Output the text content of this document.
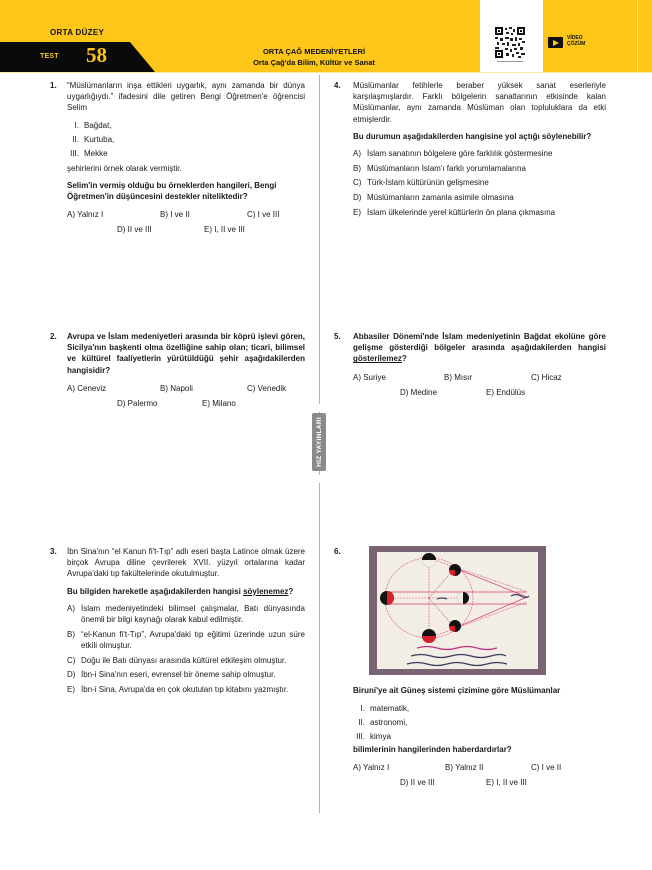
ORTA DÜZEY
TEST 58	ORTA ÇAĞ MEDENİYETLERİ
Orta Çağ'da Bilim, Kültür ve Sanat
VİDEO
ÇÖZÜM
HIZ YAYINLARI
1. “Müslümanların inşa ettikleri uygarlık, aynı zamanda bir dünya uygarlığıydı.” ifadesini dile getiren Bengi Öğretmen'e öğrencisi Selim
I. Bağdat,
II. Kurtuba,
III. Mekke
şehirlerini örnek olarak vermiştir.
Selim'in vermiş olduğu bu örneklerden hangileri, Bengi Öğretmen'in düşüncesini destekler niteliktedir?
A) Yalnız I	B) I ve II	C) I ve III
D) II ve III	E) I, II ve III
2. Avrupa ve İslam medeniyetleri arasında bir köprü işlevi gören, Sicilya'nın başkenti olma özelliğine sahip olan; ticari, bilimsel ve kültürel faaliyetlerin yürütüldüğü şehir aşağıdakilerden hangisidir?
A) Ceneviz	B) Napoli	C) Venedik
D) Palermo	E) Milano
3. İbn Sina'nın “el Kanun fi't-Tıp” adlı eseri başta Latince olmak üzere birçok Avrupa diline çevrilerek XVII. yüzyıl ortalarına kadar Avrupa'daki tıp fakültelerinde okutulmuştur.
Bu bilgiden hareketle aşağıdakilerden hangisi söylenemez?
A) İslam medeniyetindeki bilimsel çalışmalar, Batı dünyasında önemli bir bilgi kaynağı olarak kabul edilmiştir.
B) “el-Kanun fi't-Tıp”, Avrupa'daki tıp eğitimi üzerinde uzun süre etkili olmuştur.
C) Doğu ile Batı dünyası arasında kültürel etkileşim olmuştur.
D) İbn-i Sina'nın eseri, evrensel bir öneme sahip olmuştur.
E) İbn-i Sina, Avrupa'da en çok okutulan tıp kitabını yazmıştır.
4. Müslümanlar fetihlerle beraber yüksek sanat eserleriyle karşılaşmışlardır. Farklı bölgelerin sanatlarının etkisinde kalan Müslümanlar, aynı zamanda Müslüman olan topluluklara da etki etmişlerdir.
Bu durumun aşağıdakilerden hangisine yol açtığı söylenebilir?
A) İslam sanatının bölgelere göre farklılık göstermesine
B) Müslümanların İslam'ı farklı yorumlamalarına
C) Türk-İslam kültürünün gelişmesine
D) Müslümanların zamanla asimile olmasına
E) İslam ülkelerinde yerel kültürlerin ön plana çıkmasına
5. Abbasiler Dönemi'nde İslam medeniyetinin Bağdat ekolüne göre gelişme gösterdiği bölgeler arasında aşağıdakilerden hangisi gösterilemez?
A) Suriye	B) Mısır	C) Hicaz
D) Medine	E) Endülüs
6.
Biruni'ye ait Güneş sistemi çizimine göre Müslümanlar
I. matematik,
II. astronomi,
III. kimya
bilimlerinin hangilerinden haberdardırlar?
A) Yalnız I	B) Yalnız II	C) I ve II
D) II ve III	E) I, II ve III
